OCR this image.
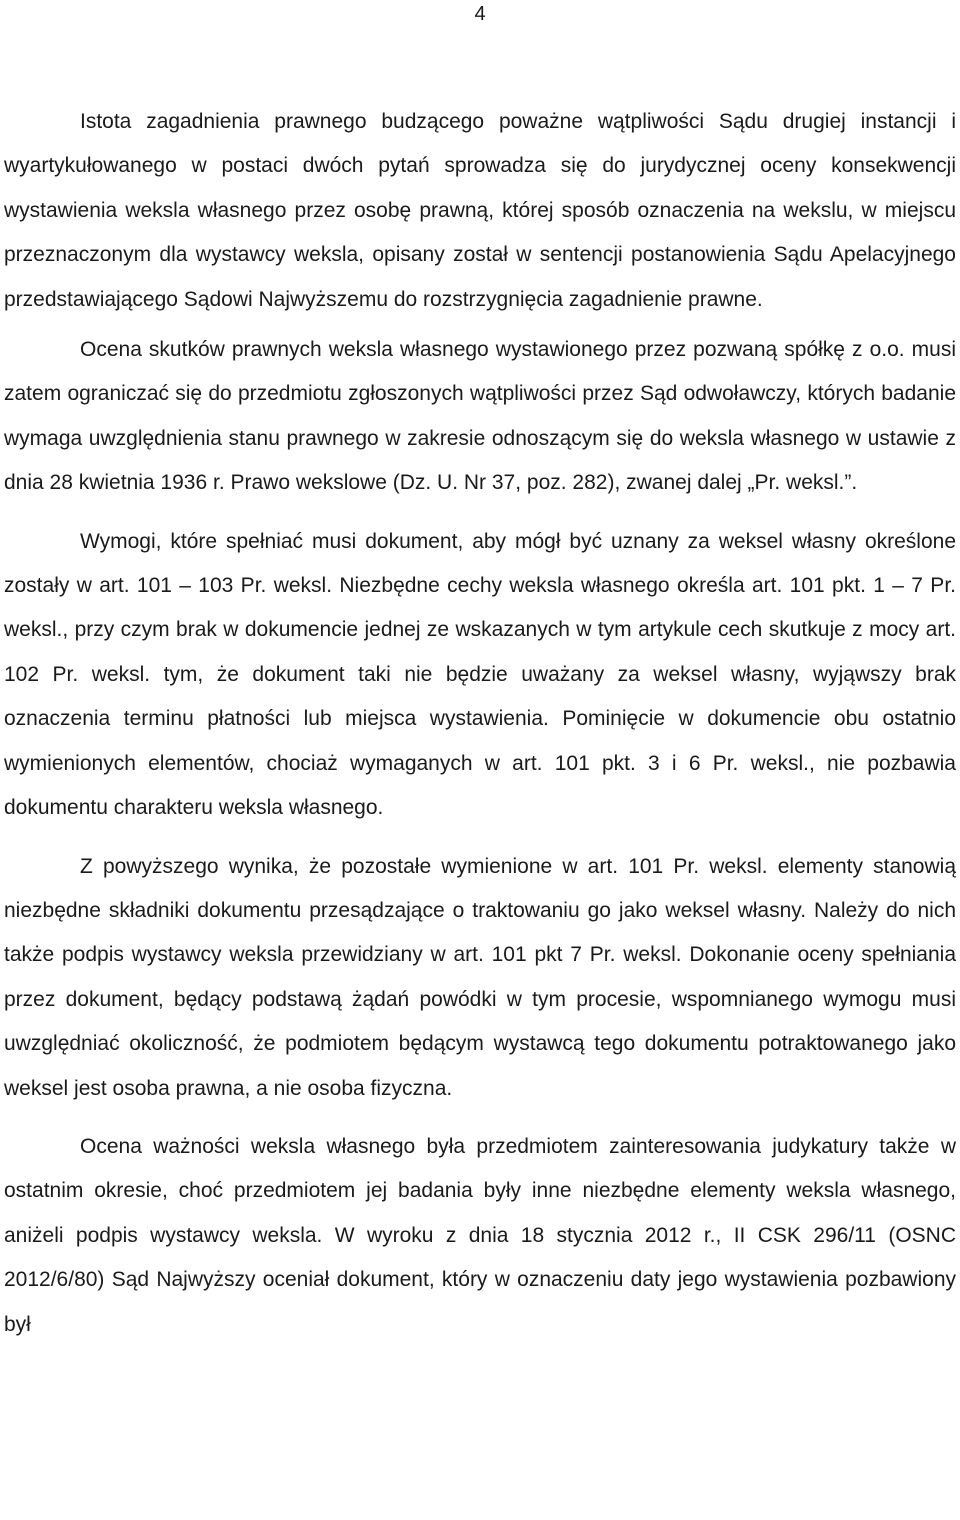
4

Istota zagadnienia prawnego budzącego poważne wątpliwości Sądu drugiej instancji i wyartykułowanego w postaci dwóch pytań sprowadza się do jurydycznej oceny konsekwencji wystawienia weksla własnego przez osobę prawną, której sposób oznaczenia na wekslu, w miejscu przeznaczonym dla wystawcy weksla, opisany został w sentencji postanowienia Sądu Apelacyjnego przedstawiającego Sądowi Najwyższemu do rozstrzygnięcia zagadnienie prawne.

Ocena skutków prawnych weksla własnego wystawionego przez pozwaną spółkę z o.o. musi zatem ograniczać się do przedmiotu zgłoszonych wątpliwości przez Sąd odwoławczy, których badanie wymaga uwzględnienia stanu prawnego w zakresie odnoszącym się do weksla własnego w ustawie z dnia 28 kwietnia 1936 r. Prawo wekslowe (Dz. U. Nr 37, poz. 282), zwanej dalej „Pr. weksl.”.

Wymogi, które spełniać musi dokument, aby mógł być uznany za weksel własny określone zostały w art. 101 – 103 Pr. weksl. Niezbędne cechy weksla własnego określa art. 101 pkt. 1 – 7 Pr. weksl., przy czym brak w dokumencie jednej ze wskazanych w tym artykule cech skutkuje z mocy art. 102 Pr. weksl. tym, że dokument taki nie będzie uważany za weksel własny, wyjąwszy brak oznaczenia terminu płatności lub miejsca wystawienia. Pominięcie w dokumencie obu ostatnio wymienionych elementów, chociaż wymaganych w art. 101 pkt. 3 i 6 Pr. weksl., nie pozbawia dokumentu charakteru weksla własnego.

Z powyższego wynika, że pozostałe wymienione w art. 101 Pr. weksl. elementy stanowią niezbędne składniki dokumentu przesądzające o traktowaniu go jako weksel własny. Należy do nich także podpis wystawcy weksla przewidziany w art. 101 pkt 7 Pr. weksl. Dokonanie oceny spełniania przez dokument, będący podstawą żądań powódki w tym procesie, wspomnianego wymogu musi uwzględniać okoliczność, że podmiotem będącym wystawcą tego dokumentu potraktowanego jako weksel jest osoba prawna, a nie osoba fizyczna.

Ocena ważności weksla własnego była przedmiotem zainteresowania judykatury także w ostatnim okresie, choć przedmiotem jej badania były inne niezbędne elementy weksla własnego, aniżeli podpis wystawcy weksla. W wyroku z dnia 18 stycznia 2012 r., II CSK 296/11 (OSNC 2012/6/80) Sąd Najwyższy oceniał dokument, który w oznaczeniu daty jego wystawienia pozbawiony był
